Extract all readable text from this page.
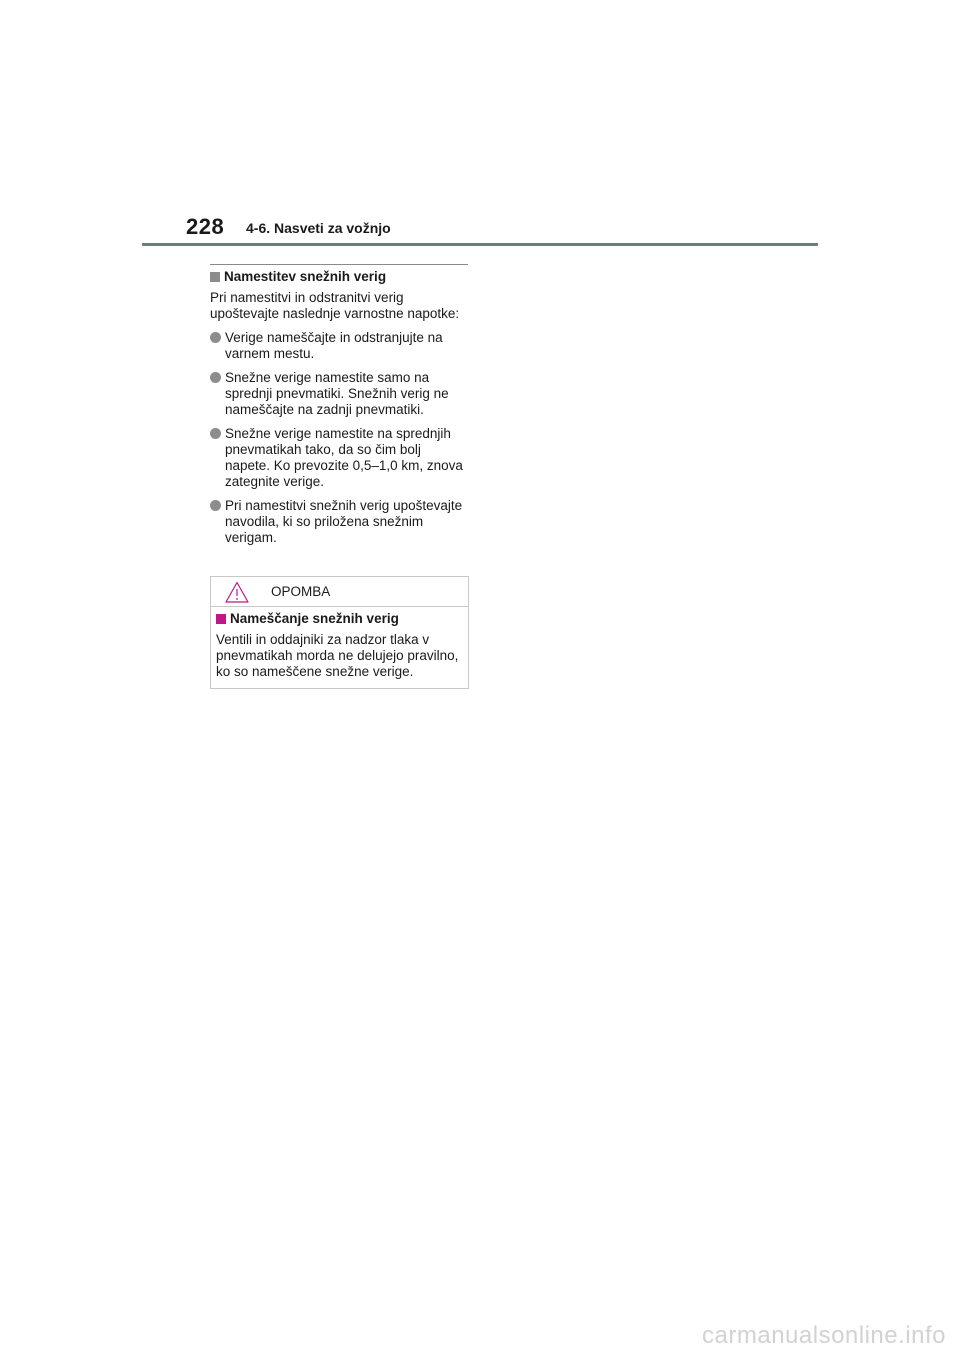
228 4-6. Nasveti za vožnjo
Namestitev snežnih verig

Pri namestitvi in odstranitvi verig upoštevajte naslednje varnostne napotke:

Verige nameščajte in odstranjujte na varnem mestu.
Snežne verige namestite samo na sprednji pnevmatiki. Snežnih verig ne nameščajte na zadnji pnevmatiki.
Snežne verige namestite na sprednjih pnevmatikah tako, da so čim bolj napete. Ko prevozite 0,5–1,0 km, znova zategnite verige.
Pri namestitvi snežnih verig upoštevajte navodila, ki so priložena snežnim verigam.
OPOMBA
Nameščanje snežnih verig

Ventili in oddajniki za nadzor tlaka v pnevmatikah morda ne delujejo pravilno, ko so nameščene snežne verige.

carmanualsonline.info
